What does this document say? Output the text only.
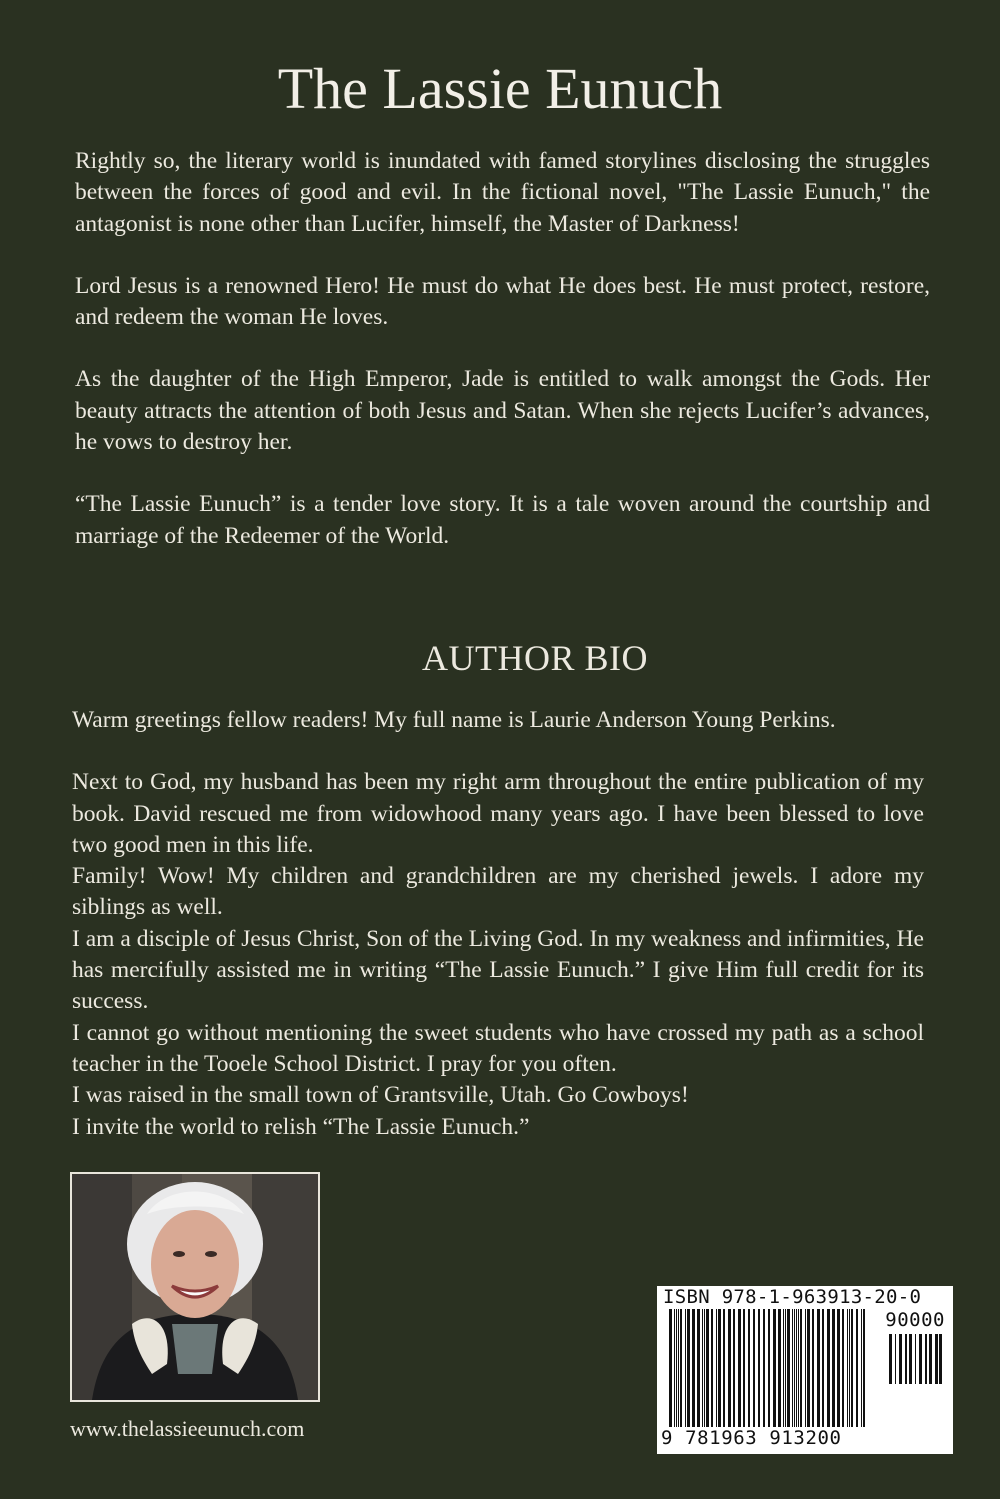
The Lassie Eunuch

Rightly so, the literary world is inundated with famed storylines disclosing the struggles between the forces of good and evil. In the fictional novel, "The Lassie Eunuch," the antagonist is none other than Lucifer, himself, the Master of Darkness!

Lord Jesus is a renowned Hero! He must do what He does best. He must protect, restore, and redeem the woman He loves.

As the daughter of the High Emperor, Jade is entitled to walk amongst the Gods. Her beauty attracts the attention of both Jesus and Satan. When she rejects Lucifer’s advances, he vows to destroy her.

“The Lassie Eunuch” is a tender love story. It is a tale woven around the courtship and marriage of the Redeemer of the World.

AUTHOR BIO

Warm greetings fellow readers! My full name is Laurie Anderson Young Perkins.

Next to God, my husband has been my right arm throughout the entire publication of my book. David rescued me from widowhood many years ago. I have been blessed to love two good men in this life.

Family! Wow! My children and grandchildren are my cherished jewels. I adore my siblings as well.

I am a disciple of Jesus Christ, Son of the Living God. In my weakness and infirmities, He has mercifully assisted me in writing “The Lassie Eunuch.” I give Him full credit for its success.

I cannot go without mentioning the sweet students who have crossed my path as a school teacher in the Tooele School District. I pray for you often.

I was raised in the small town of Grantsville, Utah. Go Cowboys!

I invite the world to relish “The Lassie Eunuch.”

www.thelassieeunuch.com
ISBN 978-1-963913-20-0
90000
9 781963 913200
